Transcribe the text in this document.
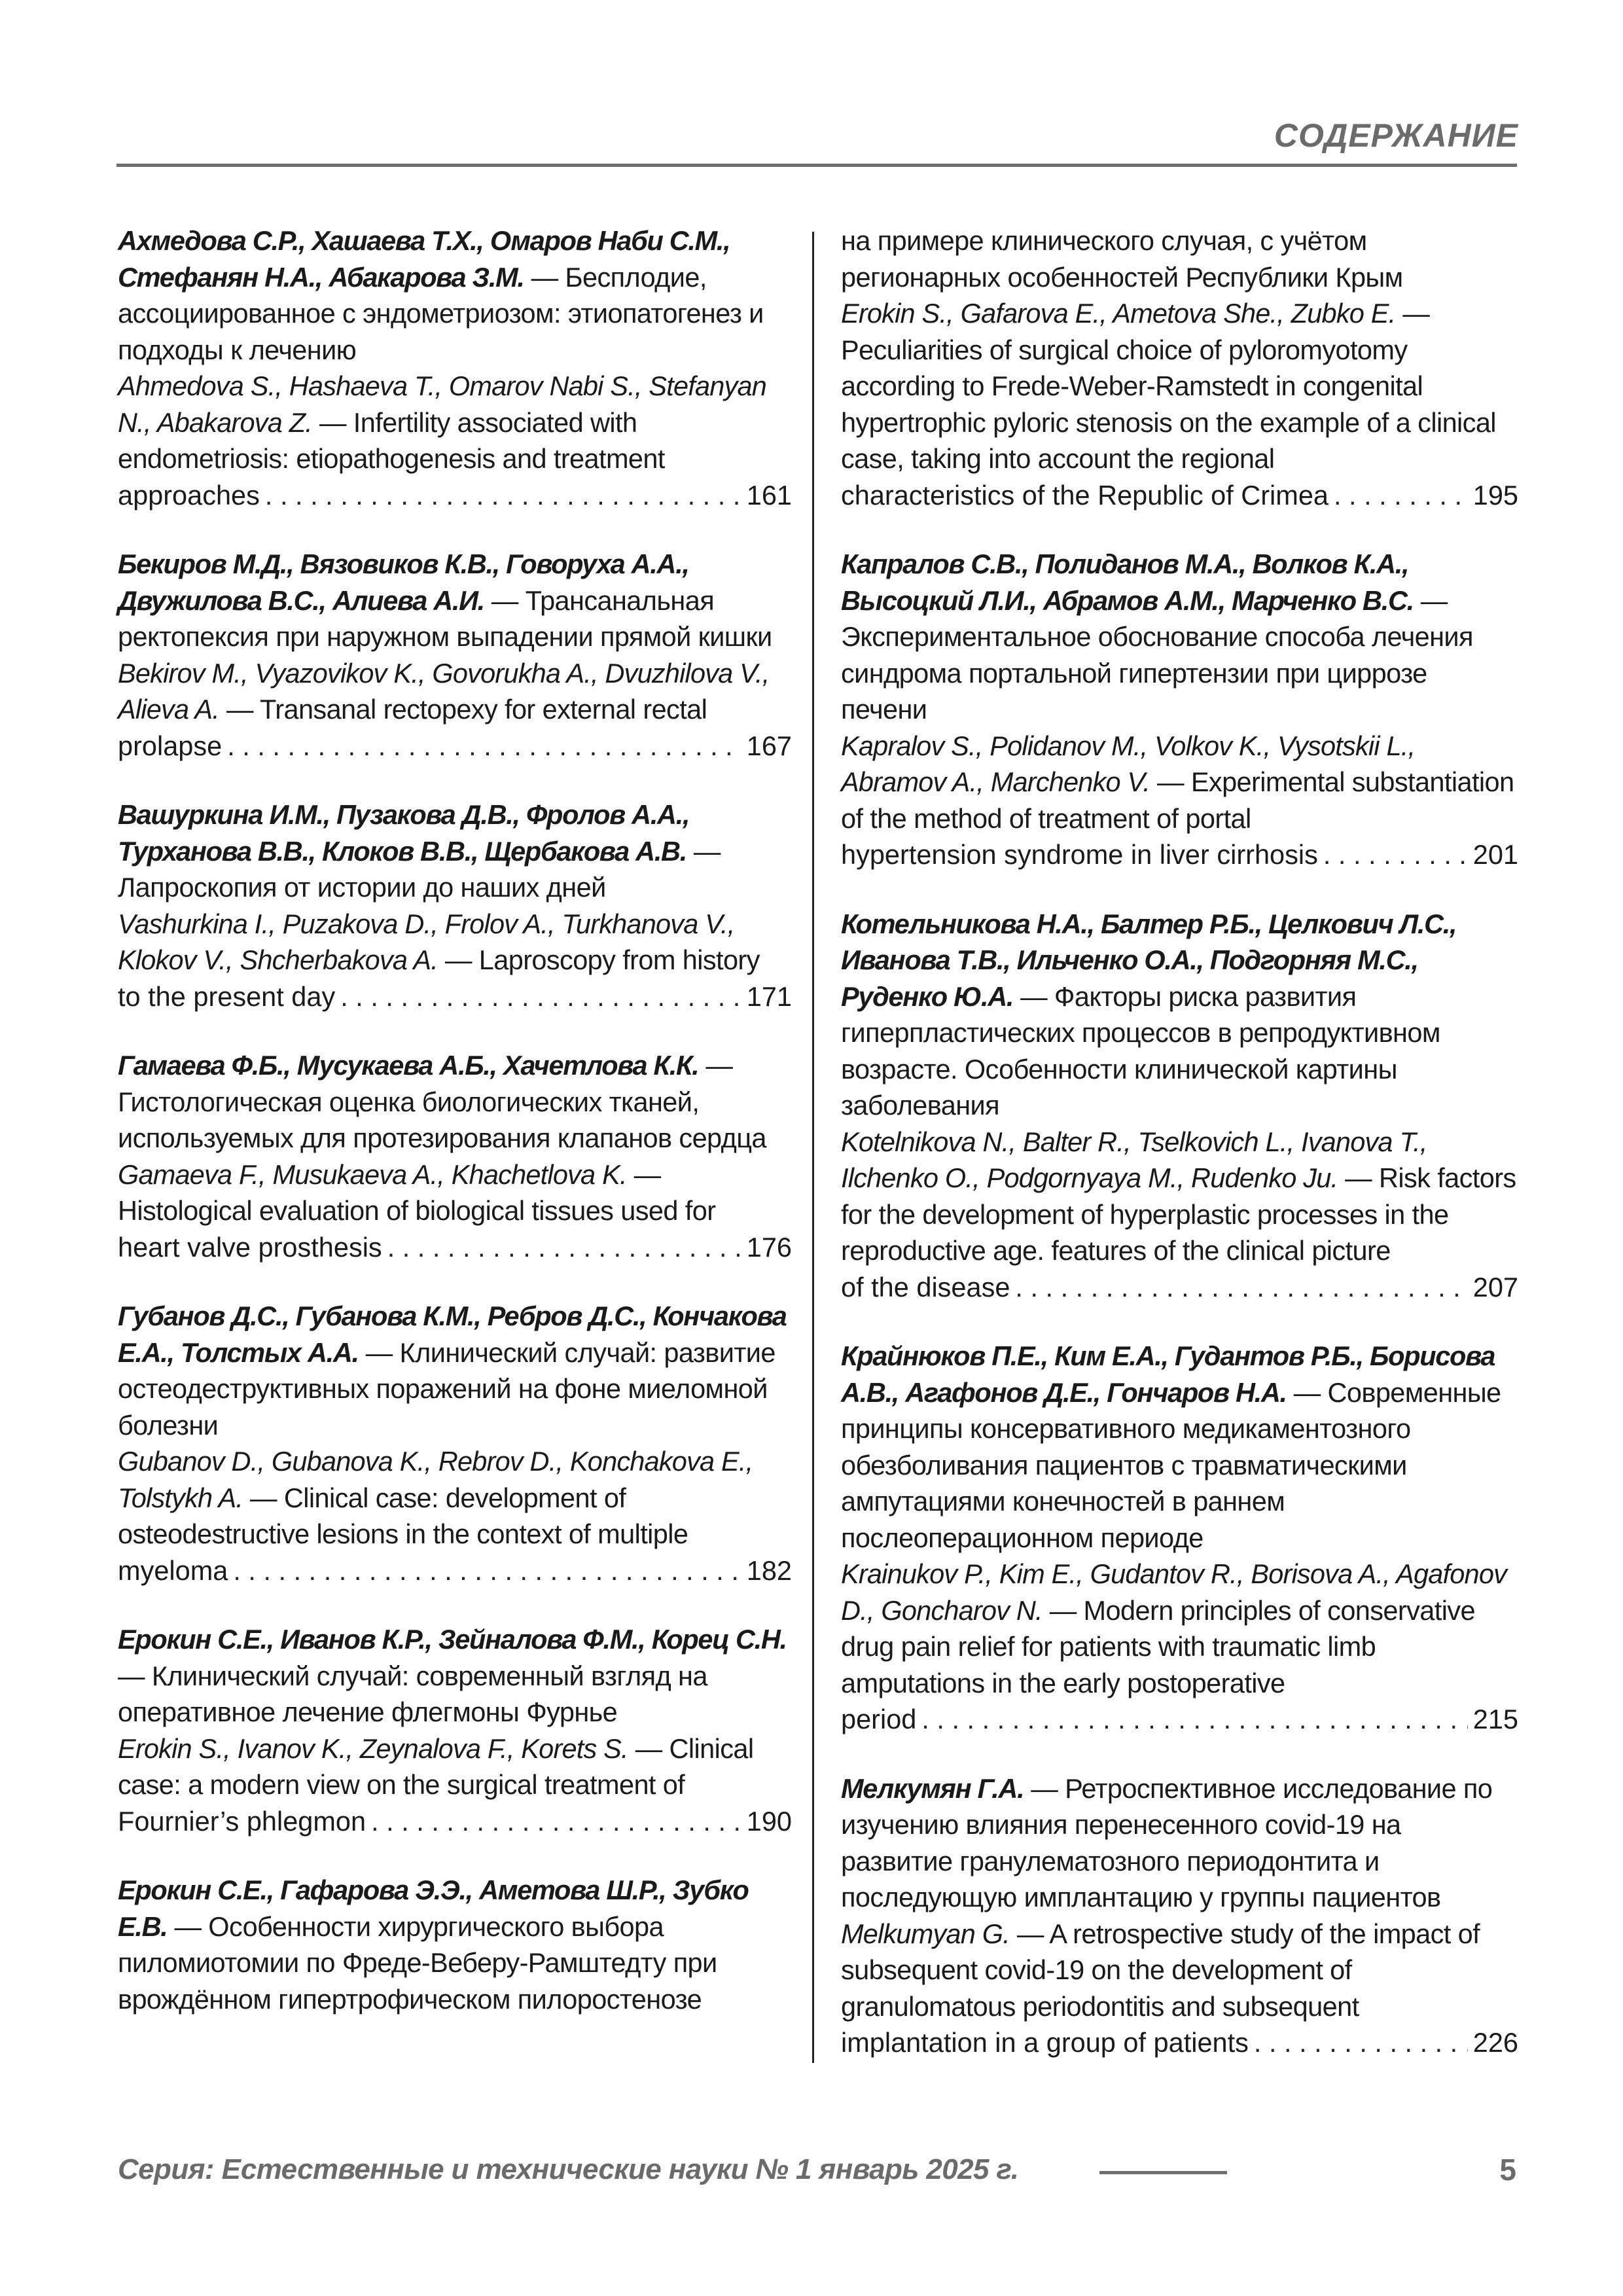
СОДЕРЖАНИЕ

Ахмедова С.Р., Хашаева Т.Х., Омаров Наби С.М., Стефанян Н.А., Абакарова З.М. — Бесплодие, ассоциированное с эндометриозом: этиопатогенез и подходы к лечению

Ahmedova S., Hashaeva T., Omarov Nabi S., Stefanyan N., Abakarova Z. — Infertility associated with endometriosis: etiopathogenesis and treatment

approaches . . .	161

Бекиров М.Д., Вязовиков К.В., Говоруха А.А., Двужилова В.С., Алиева А.И. — Трансанальная ректопексия при наружном выпадении прямой кишки

Bekirov M., Vyazovikov K., Govorukha A., Dvuzhilova V., Alieva A. — Transanal rectopexy for external rectal

prolapse . . .	167

Вашуркина И.М., Пузакова Д.В., Фролов А.А., Турханова В.В., Клоков В.В., Щербакова А.В. — Лапроскопия от истории до наших дней

Vashurkina I., Puzakova D., Frolov A., Turkhanova V., Klokov V., Shcherbakova A. — Laproscopy from history

to the present day . . .	171

Гамаева Ф.Б., Мусукаева А.Б., Хачетлова К.К. — Гистологическая оценка биологических тканей, используемых для протезирования клапанов сердца

Gamaeva F., Musukaeva A., Khachetlova K. — Histological evaluation of biological tissues used for

heart valve prosthesis . . .	176

Губанов Д.С., Губанова К.М., Ребров Д.С., Кончакова Е.А., Толстых А.А. — Клинический случай: развитие остеодеструктивных поражений на фоне миеломной болезни

Gubanov D., Gubanova K., Rebrov D., Konchakova E., Tolstykh A. — Clinical case: development of osteodestructive lesions in the context of multiple

myeloma . . .	182

Ерокин С.Е., Иванов К.Р., Зейналова Ф.М., Корец С.Н. — Клинический случай: современный взгляд на оперативное лечение флегмоны Фурнье

Erokin S., Ivanov K., Zeynalova F., Korets S. — Clinical case: a modern view on the surgical treatment of

Fournier’s phlegmon . . .	190

Ерокин С.Е., Гафарова Э.Э., Аметова Ш.Р., Зубко Е.В. — Особенности хирургического выбора пиломиотомии по Фреде-Веберу-Рамштедту при врождённом гипертрофическом пилоростенозе

на примере клинического случая, с учётом регионарных особенностей Республики Крым

Erokin S., Gafarova E., Ametova She., Zubko E. — Peculiarities of surgical choice of pyloromyotomy according to Frede-Weber-Ramstedt in congenital hypertrophic pyloric stenosis on the example of a clinical case, taking into account the regional

characteristics of the Republic of Crimea . . .	195

Капралов С.В., Полиданов М.А., Волков К.А., Высоцкий Л.И., Абрамов А.М., Марченко В.С. — Экспериментальное обоснование способа лечения синдрома портальной гипертензии при циррозе печени

Kapralov S., Polidanov M., Volkov K., Vysotskii L., Abramov A., Marchenko V. — Experimental substantiation of the method of treatment of portal

hypertension syndrome in liver cirrhosis . . .	201

Котельникова Н.А., Балтер Р.Б., Целкович Л.С., Иванова Т.В., Ильченко О.А., Подгорняя М.С., Руденко Ю.А. — Факторы риска развития гиперпластических процессов в репродуктивном возрасте. Особенности клинической картины заболевания

Kotelnikova N., Balter R., Tselkovich L., Ivanova T., Ilchenko O., Podgornyaya M., Rudenko Ju. — Risk factors for the development of hyperplastic processes in the reproductive age. features of the clinical picture

of the disease . . .	207

Крайнюков П.Е., Ким Е.А., Гудантов Р.Б., Борисова А.В., Агафонов Д.Е., Гончаров Н.А. — Современные принципы консервативного медикаментозного обезболивания пациентов с травматическими ампутациями конечностей в раннем послеоперационном периоде

Krainukov P., Kim E., Gudantov R., Borisova A., Agafonov D., Goncharov N. — Modern principles of conservative drug pain relief for patients with traumatic limb amputations in the early postoperative

period . . .	215

Мелкумян Г.А. — Ретроспективное исследование по изучению влияния перенесенного covid-19 на развитие гранулематозного периодонтита и последующую имплантацию у группы пациентов

Melkumyan G. — A retrospective study of the impact of subsequent covid-19 on the development of granulomatous periodontitis and subsequent

implantation in a group of patients . . .	226
Серия: Естественные и технические науки № 1 январь 2025 г.	5
